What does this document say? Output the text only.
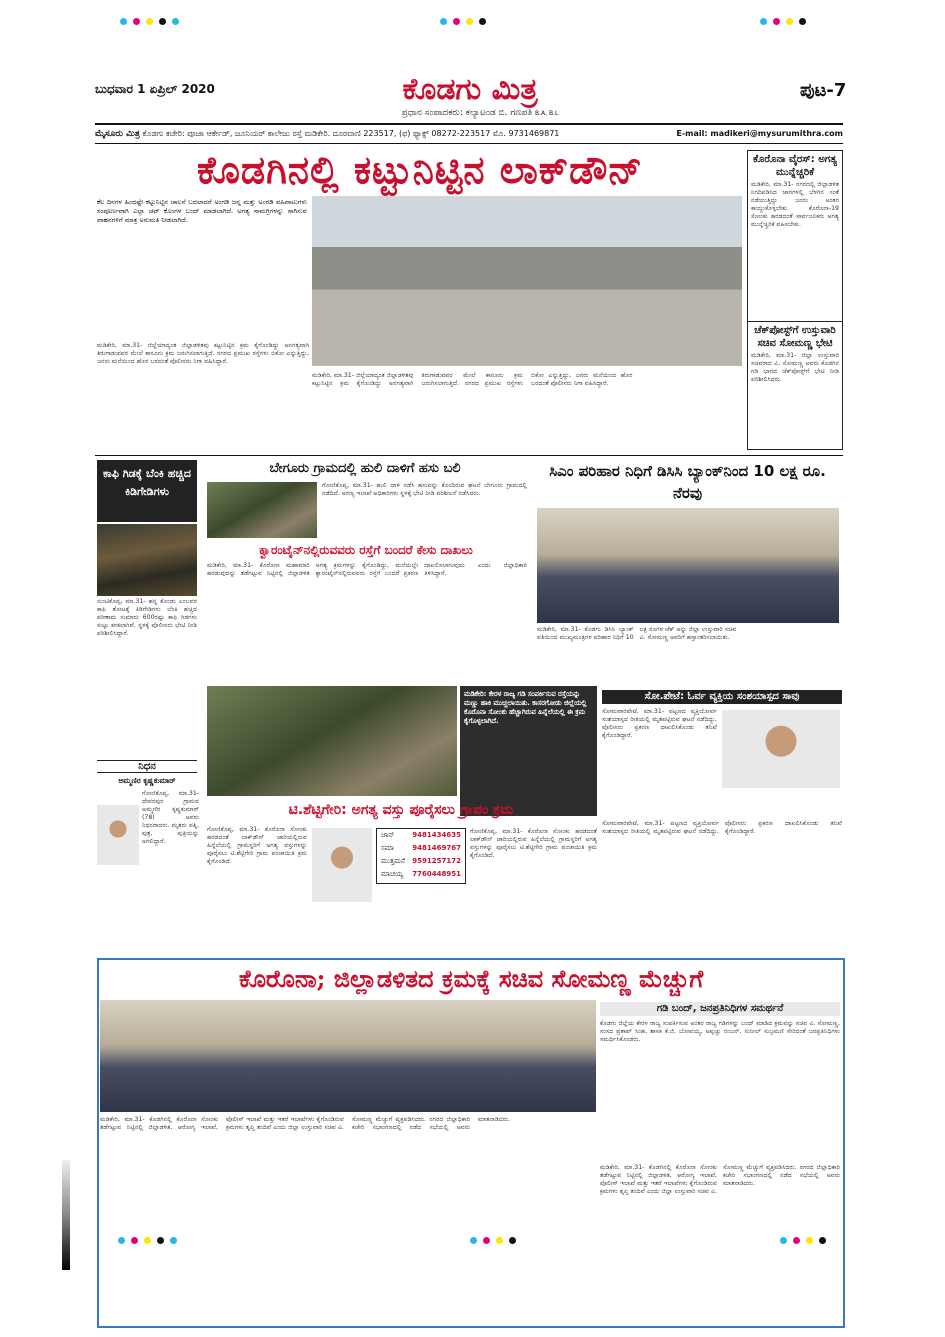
ಬುಧವಾರ 1 ಏಪ್ರಿಲ್ 2020	ಕೊಡಗು ಮಿತ್ರ
ಪ್ರಧಾನ ಸಂಪಾದಕರು: ಕಲ್ಯಾಟಂಡ ಬಿ. ಗಣಪತಿ B.A, B.L
ಪುಟ-7
ಮೈಸೂರು ಮಿತ್ರ ಕೊಡಗು ಕಚೇರಿ: ಪೂಜಾ ಆರ್ಕೇಡ್, ಜೂನಿಯರ್ ಕಾಲೇಜು ರಸ್ತೆ ಮಡಿಕೇರಿ. ದೂರವಾಣಿ 223517, (ಫ) ಫ್ಯಾಕ್ಸ್ 08272-223517 ಮೊ. 9731469871	E-mail: madikeri@mysurumithra.com
ಕೊಡಗಿನಲ್ಲಿ ಕಟ್ಟುನಿಟ್ಟಿನ ಲಾಕ್‌ಡೌನ್
ಕೆಲ ದಿನಗಳ ಹಿಂದಷ್ಟೇ ಕಟ್ಟುನಿಟ್ಟಿನ ಚಾಲನೆ ಬದಲಾದರೆ ಅಂಗಡಿ ಜನ್ನ ಮತ್ತು ಅಂಗಡಿ ವಹಿವಾಟುಗಳು ಸಂಪೂರ್ಣವಾಗಿ ಎಲ್ಲಾ ಚಟ್ ಕೊಂಗಳ ಬಂದ್ ಮಾಡಲಾಗಿದೆ. ಅಗತ್ಯ ಸಾಮಗ್ರಿಗಳನ್ನು ಸಾಗಿಸುವ ವಾಹನಗಳಿಗೆ ಮಾತ್ರ ಅನುಮತಿ ನೀಡಲಾಗಿದೆ.
ಮಡಿಕೇರಿ, ಮಾ.31- ಜಿಲ್ಲೆಯಾದ್ಯಂತ ಜಿಲ್ಲಾಡಳಿತವು ಕಟ್ಟುನಿಟ್ಟಿನ ಕ್ರಮ ಕೈಗೊಂಡಿದ್ದು ಅನಗತ್ಯವಾಗಿ ತಿರುಗಾಡುವವರ ಮೇಲೆ ಕಾನೂನು ಕ್ರಮ ಜರುಗಿಸಲಾಗುತ್ತಿದೆ. ನಗರದ ಪ್ರಮುಖ ರಸ್ತೆಗಳು ಬಿಕೋ ಎನ್ನುತ್ತಿದ್ದು, ಜನರು ಮನೆಯಿಂದ ಹೊರ ಬರದಂತೆ ಪೊಲೀಸರು ನಿಗಾ ವಹಿಸಿದ್ದಾರೆ.
ಮಡಿಕೇರಿ, ಮಾ.31- ಜಿಲ್ಲೆಯಾದ್ಯಂತ ಜಿಲ್ಲಾಡಳಿತವು ಕಟ್ಟುನಿಟ್ಟಿನ ಕ್ರಮ ಕೈಗೊಂಡಿದ್ದು ಅನಗತ್ಯವಾಗಿ ತಿರುಗಾಡುವವರ ಮೇಲೆ ಕಾನೂನು ಕ್ರಮ ಜರುಗಿಸಲಾಗುತ್ತಿದೆ. ನಗರದ ಪ್ರಮುಖ ರಸ್ತೆಗಳು ಬಿಕೋ ಎನ್ನುತ್ತಿದ್ದು, ಜನರು ಮನೆಯಿಂದ ಹೊರ ಬರದಂತೆ ಪೊಲೀಸರು ನಿಗಾ ವಹಿಸಿದ್ದಾರೆ.
ಕೊರೊನಾ ವೈರಸ್: ಅಗತ್ಯ ಮುನ್ನೆಚ್ಚರಿಕೆ
ಮಡಿಕೇರಿ, ಮಾ.31- ನಗರದಲ್ಲಿ ಜಿಲ್ಲಾಡಳಿತ ನಿಗದಿಪಡಿಸಿದ ಜಾಗಗಳಲ್ಲಿ ಬೆಳಗಿನ ಸಂತೆ ನಡೆಯುತ್ತಿದ್ದು ಜನರು ಅಂತರ ಕಾಯ್ದುಕೊಳ್ಳಬೇಕು. ಕೊರೊನಾ-19 ಸೋಂಕು ಹರಡದಂತೆ ಸಾರ್ವಜನಿಕರು ಅಗತ್ಯ ಮುನ್ನೆಚ್ಚರಿಕೆ ವಹಿಸಬೇಕು.
ಚೆಕ್‌ಪೋಸ್ಟ್‌ಗೆ ಉಸ್ತುವಾರಿ ಸಚಿವ ಸೋಮಣ್ಣ ಭೇಟಿ
ಮಡಿಕೇರಿ, ಮಾ.31- ಜಿಲ್ಲಾ ಉಸ್ತುವಾರಿ ಸಚಿವರಾದ ವಿ. ಸೋಮಣ್ಣ ಅವರು ಕೊಡಗಿನ ಗಡಿ ಭಾಗದ ಚೆಕ್‌ಪೋಸ್ಟ್‌ಗೆ ಭೇಟಿ ನೀಡಿ ಪರಿಶೀಲಿಸಿದರು.
ಕಾಫಿ ಗಿಡಕ್ಕೆ ಬೆಂಕಿ ಹಚ್ಚಿದ ಕಿಡಿಗೇಡಿಗಳು
ಸುಂಟಿಕೊಪ್ಪ, ಮಾ.31- ಹನ್ನ ಕೊಂಡು ಎಂಬವರ ಕಾಫಿ ತೋಟಕ್ಕೆ ಕಿಡಿಗೇಡಿಗಳು ಬೆಂಕಿ ಹಚ್ಚಿದ ಪರಿಣಾಮ ಸುಮಾರು 600ರಷ್ಟು ಕಾಫಿ ಗಿಡಗಳು ಸುಟ್ಟು ಕರಕಲಾಗಿವೆ. ಸ್ಥಳಕ್ಕೆ ಪೊಲೀಸರು ಭೇಟಿ ನೀಡಿ ಪರಿಶೀಲಿಸಿದ್ದಾರೆ.
ಬೇಗೂರು ಗ್ರಾಮದಲ್ಲಿ ಹುಲಿ ದಾಳಿಗೆ ಹಸು ಬಲಿ
ಗೋಣಿಕೊಪ್ಪ, ಮಾ.31- ಹುಲಿ ದಾಳಿ ನಡೆಸಿ ಹಸುವನ್ನು ಕೊಂದಿರುವ ಘಟನೆ ಬೇಗೂರು ಗ್ರಾಮದಲ್ಲಿ ನಡೆದಿದೆ. ಅರಣ್ಯ ಇಲಾಖೆ ಅಧಿಕಾರಿಗಳು ಸ್ಥಳಕ್ಕೆ ಭೇಟಿ ನೀಡಿ ಪರಿಶೀಲನೆ ನಡೆಸಿದರು.
ಕ್ವಾರಂಟೈನ್‌ನಲ್ಲಿರುವವರು ರಸ್ತೆಗೆ ಬಂದರೆ ಕೇಸು ದಾಖಲು
ಮಡಿಕೇರಿ, ಮಾ.31- ಕೊರೊನಾ ಮಹಾಮಾರಿ ಹರಡುವುದನ್ನು ತಡೆಗಟ್ಟುವ ನಿಟ್ಟಿನಲ್ಲಿ ಜಿಲ್ಲಾಡಳಿತ ಅಗತ್ಯ ಕ್ರಮಗಳನ್ನು ಕೈಗೊಂಡಿದ್ದು, ಮನೆಯಲ್ಲೇ ಕ್ವಾರಂಟೈನ್‌ನಲ್ಲಿರುವವರು ರಸ್ತೆಗೆ ಬಂದರೆ ಪ್ರಕರಣ ದಾಖಲಿಸಲಾಗುವುದು ಎಂದು ಜಿಲ್ಲಾಧಿಕಾರಿ ತಿಳಿಸಿದ್ದಾರೆ.
ಸಿಎಂ ಪರಿಹಾರ ನಿಧಿಗೆ ಡಿಸಿಸಿ ಬ್ಯಾಂಕ್‌ನಿಂದ 10 ಲಕ್ಷ ರೂ. ನೆರವು
ಮಡಿಕೇರಿ, ಮಾ.31- ಕೊಡಗು ಡಿಸಿಸಿ ಬ್ಯಾಂಕ್ ವತಿಯಿಂದ ಮುಖ್ಯಮಂತ್ರಿಗಳ ಪರಿಹಾರ ನಿಧಿಗೆ 10 ಲಕ್ಷ ರೂಗಳ ಚೆಕ್ ಅನ್ನು ಜಿಲ್ಲಾ ಉಸ್ತುವಾರಿ ಸಚಿವ ವಿ. ಸೋಮಣ್ಣ ಅವರಿಗೆ ಹಸ್ತಾಂತರಿಸಲಾಯಿತು.
ಮಡಿಕೇರಿ: ಕೇರಳ ರಾಜ್ಯ ಗಡಿ ಸಂಪರ್ಕಿಸುವ ರಸ್ತೆಯನ್ನು ಮಣ್ಣು ಹಾಕಿ ಮುಚ್ಚಲಾಯಿತು. ಕಾಸರಗೋಡು ಜಿಲ್ಲೆಯಲ್ಲಿ ಕೊರೊನಾ ಸೋಂಕು ಹೆಚ್ಚಾಗಿರುವ ಹಿನ್ನೆಲೆಯಲ್ಲಿ ಈ ಕ್ರಮ ಕೈಗೊಳ್ಳಲಾಗಿದೆ.
ಸೋ.ಪೇಟೆ: ಓರ್ವ ವ್ಯಕ್ತಿಯ ಸಂಶಯಾಸ್ಪದ ಸಾವು
ಸೋಮವಾರಪೇಟೆ, ಮಾ.31- ಪಟ್ಟಣದ ವ್ಯಕ್ತಿಯೋರ್ವ ಸಂಶಯಾಸ್ಪದ ರೀತಿಯಲ್ಲಿ ಮೃತಪಟ್ಟಿರುವ ಘಟನೆ ನಡೆದಿದ್ದು, ಪೊಲೀಸರು ಪ್ರಕರಣ ದಾಖಲಿಸಿಕೊಂಡು ತನಿಖೆ ಕೈಗೊಂಡಿದ್ದಾರೆ.
ಸೋಮವಾರಪೇಟೆ, ಮಾ.31- ಪಟ್ಟಣದ ವ್ಯಕ್ತಿಯೋರ್ವ ಸಂಶಯಾಸ್ಪದ ರೀತಿಯಲ್ಲಿ ಮೃತಪಟ್ಟಿರುವ ಘಟನೆ ನಡೆದಿದ್ದು, ಪೊಲೀಸರು ಪ್ರಕರಣ ದಾಖಲಿಸಿಕೊಂಡು ತನಿಖೆ ಕೈಗೊಂಡಿದ್ದಾರೆ.
ನಿಧನ
ಅಮ್ಮಣಿರ ಕೃಷ್ಣಕುಮಾರ್
ಗೋಣಿಕೊಪ್ಪ, ಮಾ.31- ದೇವರಪುರ ಗ್ರಾಮದ ಅಮ್ಮಣಿರ ಕೃಷ್ಣಕುಮಾರ್ (78) ಅವರು ನಿಧನರಾದರು. ಮೃತರು ಪತ್ನಿ, ಪುತ್ರ, ಪುತ್ರಿಯನ್ನು ಅಗಲಿದ್ದಾರೆ.
ಟಿ.ಶೆಟ್ಟಿಗೇರಿ: ಅಗತ್ಯ ವಸ್ತು ಪೂರೈಸಲು ಗ್ರಾಪಂ ಕ್ರಮ
ಗೋಣಿಕೊಪ್ಪ, ಮಾ.31- ಕೊರೊನಾ ಸೋಂಕು ಹರಡದಂತೆ ಲಾಕ್‌ಡೌನ್ ಜಾರಿಯಲ್ಲಿರುವ ಹಿನ್ನೆಲೆಯಲ್ಲಿ ಗ್ರಾಮಸ್ಥರಿಗೆ ಅಗತ್ಯ ವಸ್ತುಗಳನ್ನು ಪೂರೈಸಲು ಟಿ.ಶೆಟ್ಟಿಗೇರಿ ಗ್ರಾಮ ಪಂಚಾಯಿತಿ ಕ್ರಮ ಕೈಗೊಂಡಿದೆ.
ಜಾನ್	9481434635
ಸಮಾ	9481469767
ಮುತ್ತಮನೆ 9591257172
ಮಾಚಯ್ಯ 7760448951
ಗೋಣಿಕೊಪ್ಪ, ಮಾ.31- ಕೊರೊನಾ ಸೋಂಕು ಹರಡದಂತೆ ಲಾಕ್‌ಡೌನ್ ಜಾರಿಯಲ್ಲಿರುವ ಹಿನ್ನೆಲೆಯಲ್ಲಿ ಗ್ರಾಮಸ್ಥರಿಗೆ ಅಗತ್ಯ ವಸ್ತುಗಳನ್ನು ಪೂರೈಸಲು ಟಿ.ಶೆಟ್ಟಿಗೇರಿ ಗ್ರಾಮ ಪಂಚಾಯಿತಿ ಕ್ರಮ ಕೈಗೊಂಡಿದೆ.
ಕೊರೊನಾ; ಜಿಲ್ಲಾಡಳಿತದ ಕ್ರಮಕ್ಕೆ ಸಚಿವ ಸೋಮಣ್ಣ ಮೆಚ್ಚುಗೆ
ಗಡಿ ಬಂದ್, ಜನಪ್ರತಿನಿಧಿಗಳ ಸಮರ್ಥನೆ
ಕೊಡಗು ಜಿಲ್ಲೆಯ ಕೇರಳ ರಾಜ್ಯ ಸಂಪರ್ಕಿಸುವ ಅಂತರ ರಾಜ್ಯ ಗಡಿಗಳನ್ನು ಬಂದ್ ಮಾಡಿದ ಕ್ರಮವನ್ನು ಸಚಿವ ವಿ. ಸೋಮಣ್ಣ, ಸಂಸದ ಪ್ರತಾಪ್ ಸಿಂಹ, ಶಾಸಕ ಕೆ.ಜಿ. ಬೋಪಯ್ಯ, ಅಪ್ಪಚ್ಚು ರಂಜನ್, ಸುನೀಲ್ ಸುಬ್ರಮಣಿ ಸೇರಿದಂತೆ ಜನಪ್ರತಿನಿಧಿಗಳು ಸಮರ್ಥಿಸಿಕೊಂಡರು.
ಮಡಿಕೇರಿ, ಮಾ.31- ಕೊಡಗಿನಲ್ಲಿ ಕೊರೊನಾ ಸೋಂಕು ತಡೆಗಟ್ಟುವ ನಿಟ್ಟಿನಲ್ಲಿ ಜಿಲ್ಲಾಡಳಿತ, ಆರೋಗ್ಯ ಇಲಾಖೆ, ಪೊಲೀಸ್ ಇಲಾಖೆ ಮತ್ತು ಇತರೆ ಇಲಾಖೆಗಳು ಕೈಗೊಂಡಿರುವ ಕ್ರಮಗಳು ತೃಪ್ತಿ ತಂದಿವೆ ಎಂದು ಜಿಲ್ಲಾ ಉಸ್ತುವಾರಿ ಸಚಿವ ವಿ. ಸೋಮಣ್ಣ ಮೆಚ್ಚುಗೆ ವ್ಯಕ್ತಪಡಿಸಿದರು. ನಗರದ ಜಿಲ್ಲಾಧಿಕಾರಿ ಕಚೇರಿ ಸಭಾಂಗಣದಲ್ಲಿ ನಡೆದ ಸಭೆಯಲ್ಲಿ ಅವರು ಮಾತನಾಡಿದರು.
ಮಡಿಕೇರಿ, ಮಾ.31- ಕೊಡಗಿನಲ್ಲಿ ಕೊರೊನಾ ಸೋಂಕು ತಡೆಗಟ್ಟುವ ನಿಟ್ಟಿನಲ್ಲಿ ಜಿಲ್ಲಾಡಳಿತ, ಆರೋಗ್ಯ ಇಲಾಖೆ, ಪೊಲೀಸ್ ಇಲಾಖೆ ಮತ್ತು ಇತರೆ ಇಲಾಖೆಗಳು ಕೈಗೊಂಡಿರುವ ಕ್ರಮಗಳು ತೃಪ್ತಿ ತಂದಿವೆ ಎಂದು ಜಿಲ್ಲಾ ಉಸ್ತುವಾರಿ ಸಚಿವ ವಿ. ಸೋಮಣ್ಣ ಮೆಚ್ಚುಗೆ ವ್ಯಕ್ತಪಡಿಸಿದರು. ನಗರದ ಜಿಲ್ಲಾಧಿಕಾರಿ ಕಚೇರಿ ಸಭಾಂಗಣದಲ್ಲಿ ನಡೆದ ಸಭೆಯಲ್ಲಿ ಅವರು ಮಾತನಾಡಿದರು.
